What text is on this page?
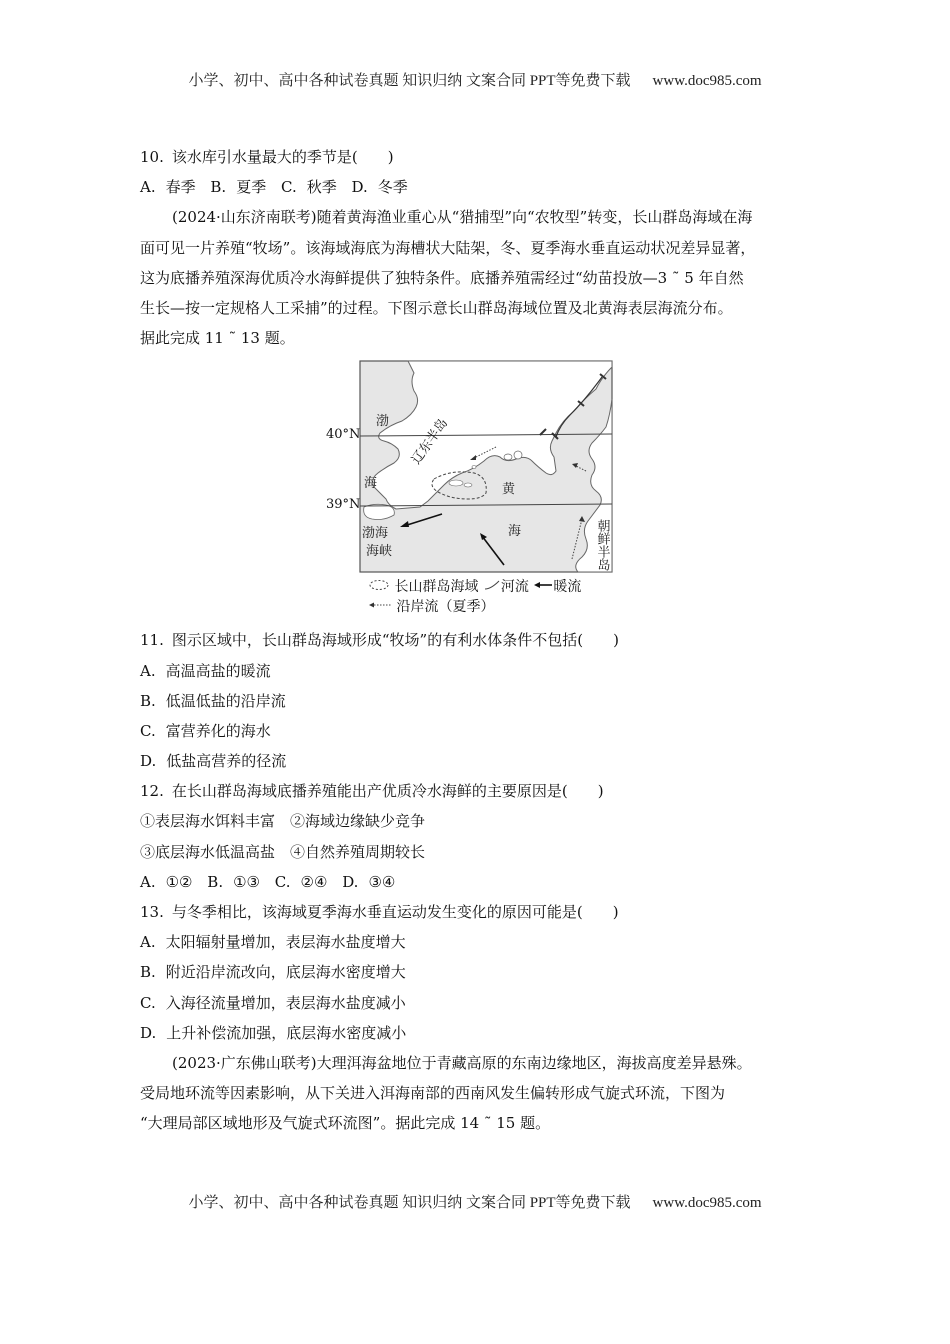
小学、初中、高中各种试卷真题 知识归纳 文案合同 PPT等免费下载 www.doc985.com
10. 该水库引水量最大的季节是( )
A. 春季 B. 夏季 C. 秋季 D. 冬季
(2024·山东济南联考)随着黄海渔业重心从“猎捕型”向“农牧型”转变，长山群岛海域在海
面可见一片养殖“牧场”。该海域海底为海槽状大陆架，冬、夏季海水垂直运动状况差异显著，
这为底播养殖深海优质冷水海鲜提供了独特条件。底播养殖需经过“幼苗投放—3 ˜ 5 年自然
生长—按一定规格人工采捕”的过程。下图示意长山群岛海域位置及北黄海表层海流分布。
据此完成 11 ˜ 13 题。
40°N
39°N
渤
海
辽东半岛
黄
海
渤海
海峡	朝鲜半岛
长山群岛海域 河流 暖流
沿岸流（夏季）
11. 图示区域中，长山群岛海域形成“牧场”的有利水体条件不包括( )
A. 高温高盐的暖流
B. 低温低盐的沿岸流
C. 富营养化的海水
D. 低盐高营养的径流
12. 在长山群岛海域底播养殖能出产优质冷水海鲜的主要原因是( )
①表层海水饵料丰富　②海域边缘缺少竞争
③底层海水低温高盐　④自然养殖周期较长
A. ①② B. ①③ C. ②④ D. ③④
13. 与冬季相比，该海域夏季海水垂直运动发生变化的原因可能是( )
A. 太阳辐射量增加，表层海水盐度增大
B. 附近沿岸流改向，底层海水密度增大
C. 入海径流量增加，表层海水盐度减小
D. 上升补偿流加强，底层海水密度减小
(2023·广东佛山联考)大理洱海盆地位于青藏高原的东南边缘地区，海拔高度差异悬殊。
受局地环流等因素影响，从下关进入洱海南部的西南风发生偏转形成气旋式环流，下图为
“大理局部区域地形及气旋式环流图”。据此完成 14 ˜ 15 题。
小学、初中、高中各种试卷真题 知识归纳 文案合同 PPT等免费下载 www.doc985.com
